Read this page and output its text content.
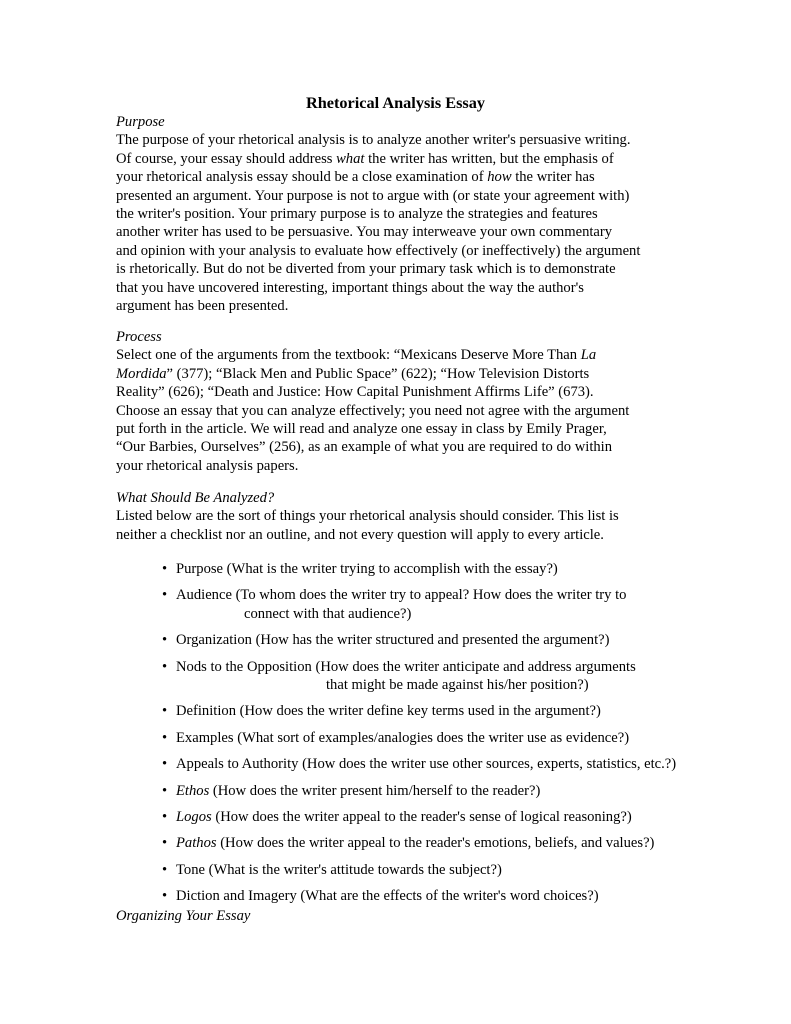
Rhetorical Analysis Essay
Purpose
The purpose of your rhetorical analysis is to analyze another writer's persuasive writing.
Of course, your essay should address what the writer has written, but the emphasis of
your rhetorical analysis essay should be a close examination of how the writer has
presented an argument. Your purpose is not to argue with (or state your agreement with)
the writer's position. Your primary purpose is to analyze the strategies and features
another writer has used to be persuasive. You may interweave your own commentary
and opinion with your analysis to evaluate how effectively (or ineffectively) the argument
is rhetorically. But do not be diverted from your primary task which is to demonstrate
that you have uncovered interesting, important things about the way the author's
argument has been presented.
Process
Select one of the arguments from the textbook: “Mexicans Deserve More Than La
Mordida” (377); “Black Men and Public Space” (622); “How Television Distorts
Reality” (626); “Death and Justice: How Capital Punishment Affirms Life” (673).
Choose an essay that you can analyze effectively; you need not agree with the argument
put forth in the article. We will read and analyze one essay in class by Emily Prager,
“Our Barbies, Ourselves” (256), as an example of what you are required to do within
your rhetorical analysis papers.
What Should Be Analyzed?
Listed below are the sort of things your rhetorical analysis should consider. This list is
neither a checklist nor an outline, and not every question will apply to every article.
• Purpose (What is the writer trying to accomplish with the essay?)
• Audience (To whom does the writer try to appeal? How does the writer try to
connect with that audience?)
• Organization (How has the writer structured and presented the argument?)
• Nods to the Opposition (How does the writer anticipate and address arguments
that might be made against his/her position?)
• Definition (How does the writer define key terms used in the argument?)
• Examples (What sort of examples/analogies does the writer use as evidence?)
• Appeals to Authority (How does the writer use other sources, experts, statistics, etc.?)
• Ethos (How does the writer present him/herself to the reader?)
• Logos (How does the writer appeal to the reader's sense of logical reasoning?)
• Pathos (How does the writer appeal to the reader's emotions, beliefs, and values?)
• Tone (What is the writer's attitude towards the subject?)
• Diction and Imagery (What are the effects of the writer's word choices?)
Organizing Your Essay
